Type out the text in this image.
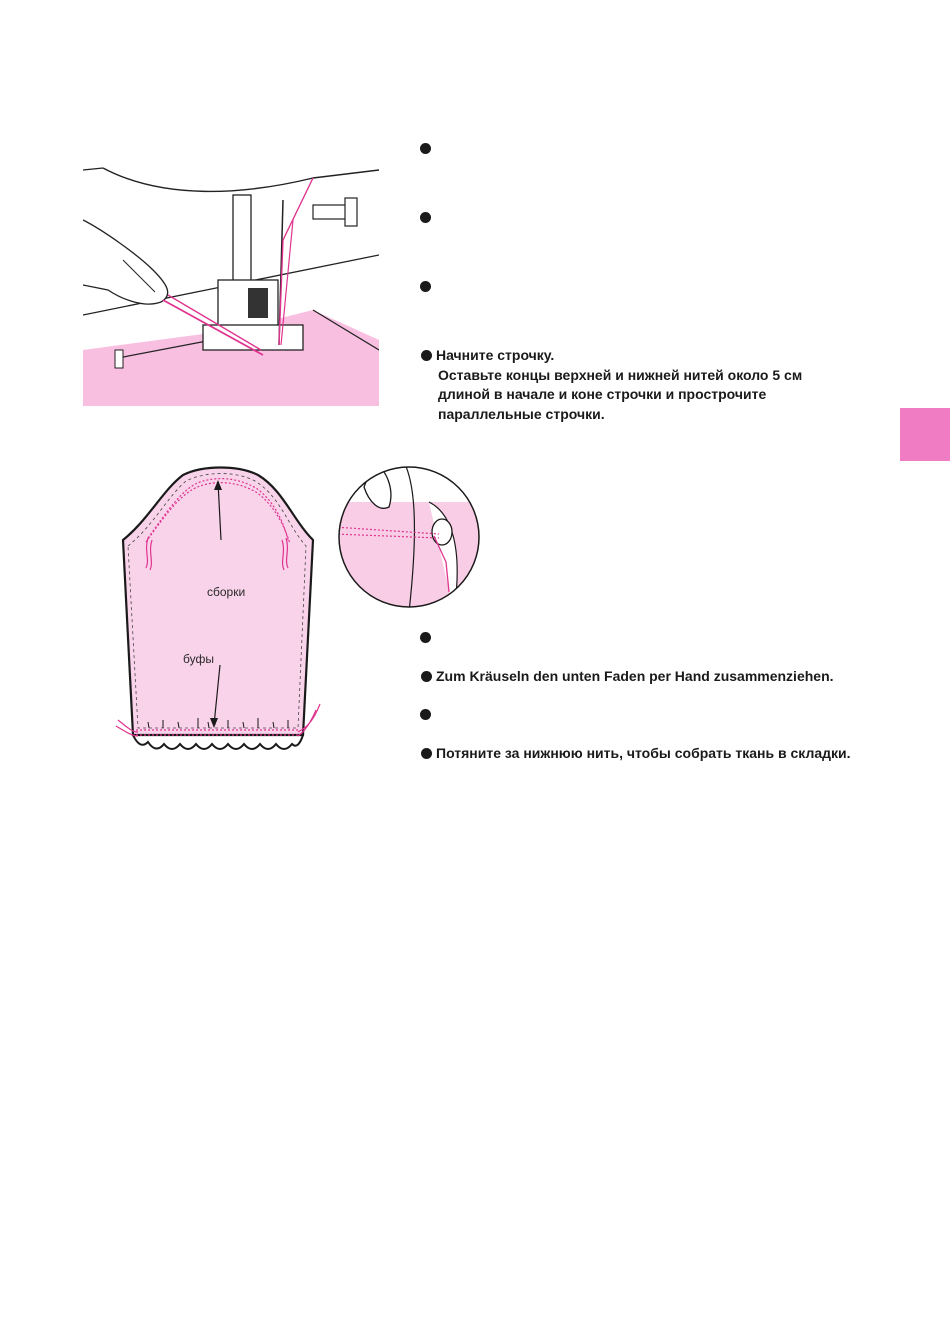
Начните строчку.
Оставьте концы верхней и нижней нитей около 5 см
длиной в начале и коне строчки и прострочите
параллельные строчки.
сборки
буфы
Zum Kräuseln den unten Faden per Hand zusammenziehen.
Потяните за нижнюю нить, чтобы собрать ткань в складки.
